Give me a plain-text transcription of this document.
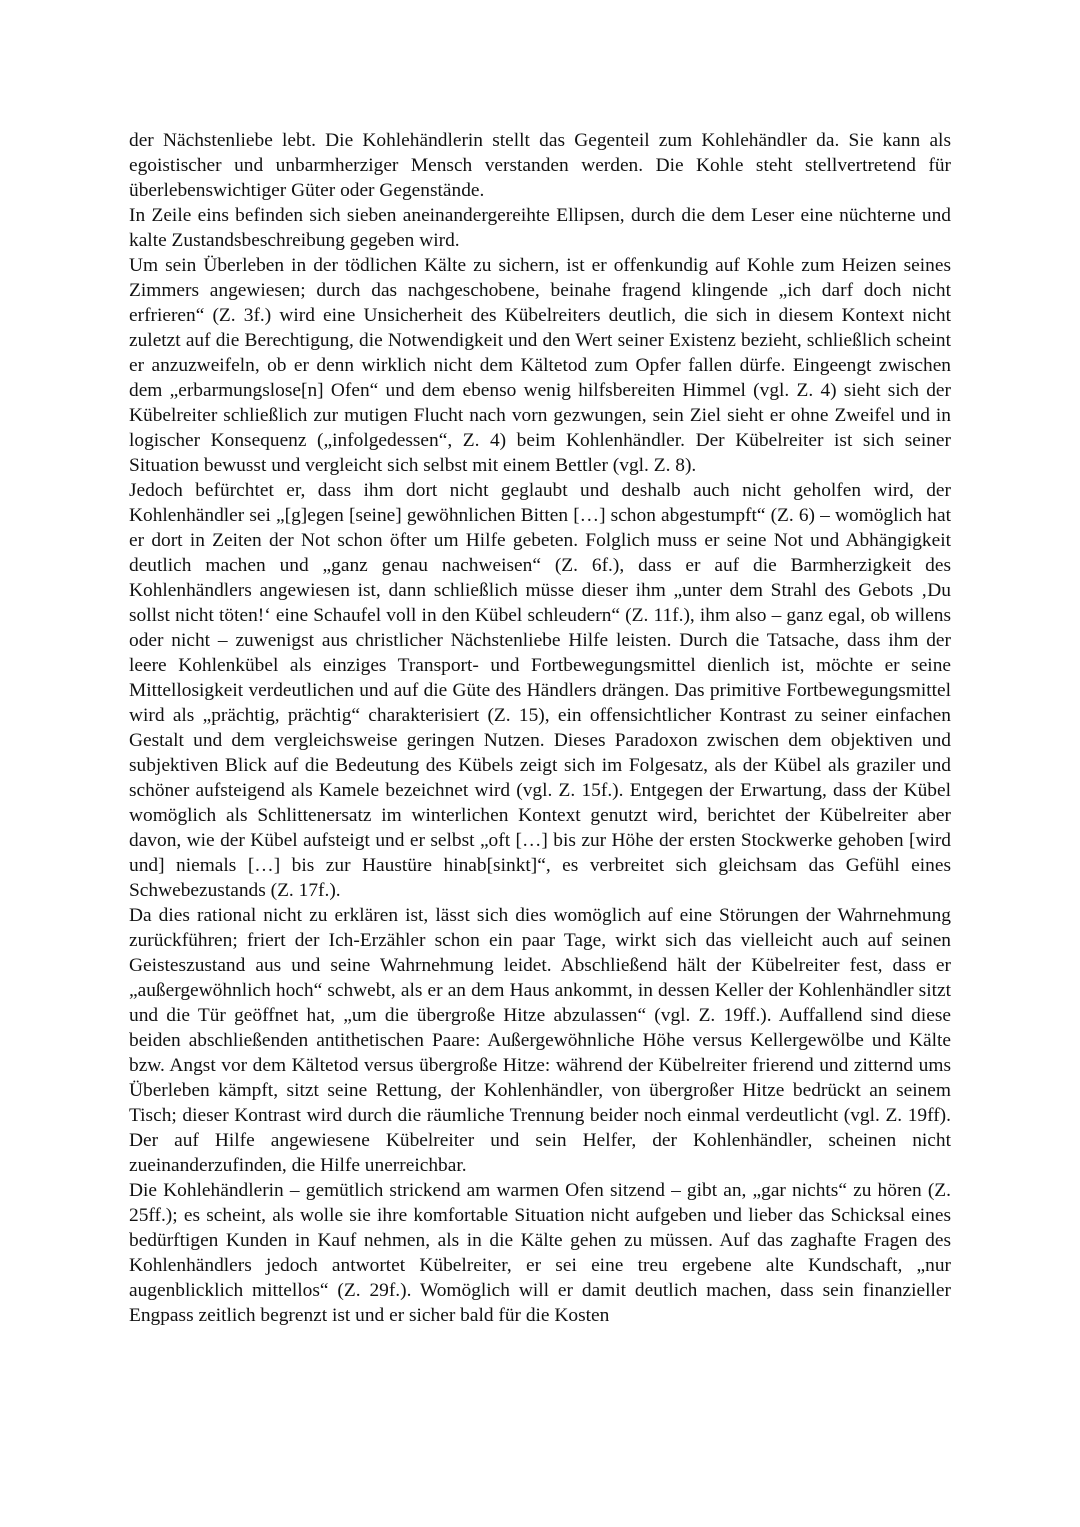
der Nächstenliebe lebt. Die Kohlehändlerin stellt das Gegenteil zum Kohlehändler da. Sie kann als egoistischer und unbarmherziger Mensch verstanden werden. Die Kohle steht stellvertretend für überlebenswichtiger Güter oder Gegenstände.

In Zeile eins befinden sich sieben aneinandergereihte Ellipsen, durch die dem Leser eine nüchterne und kalte Zustandsbeschreibung gegeben wird.

Um sein Überleben in der tödlichen Kälte zu sichern, ist er offenkundig auf Kohle zum Heizen seines Zimmers angewiesen; durch das nachgeschobene, beinahe fragend klingende „ich darf doch nicht erfrieren“ (Z. 3f.) wird eine Unsicherheit des Kübelreiters deutlich, die sich in diesem Kontext nicht zuletzt auf die Berechtigung, die Notwendigkeit und den Wert seiner Existenz bezieht, schließlich scheint er anzuzweifeln, ob er denn wirklich nicht dem Kältetod zum Opfer fallen dürfe. Eingeengt zwischen dem „erbarmungslose[n] Ofen“ und dem ebenso wenig hilfsbereiten Himmel (vgl. Z. 4) sieht sich der Kübelreiter schließlich zur mutigen Flucht nach vorn gezwungen, sein Ziel sieht er ohne Zweifel und in logischer Konsequenz („infolgedessen“, Z. 4) beim Kohlenhändler. Der Kübelreiter ist sich seiner Situation bewusst und vergleicht sich selbst mit einem Bettler (vgl. Z. 8).

Jedoch befürchtet er, dass ihm dort nicht geglaubt und deshalb auch nicht geholfen wird, der Kohlenhändler sei „[g]egen [seine] gewöhnlichen Bitten […] schon abgestumpft“ (Z. 6) – womöglich hat er dort in Zeiten der Not schon öfter um Hilfe gebeten. Folglich muss er seine Not und Abhängigkeit deutlich machen und „ganz genau nachweisen“ (Z. 6f.), dass er auf die Barmherzigkeit des Kohlenhändlers angewiesen ist, dann schließlich müsse dieser ihm „unter dem Strahl des Gebots ‚Du sollst nicht töten!‘ eine Schaufel voll in den Kübel schleudern“ (Z. 11f.), ihm also – ganz egal, ob willens oder nicht – zuwenigst aus christlicher Nächstenliebe Hilfe leisten. Durch die Tatsache, dass ihm der leere Kohlenkübel als einziges Transport- und Fortbewegungsmittel dienlich ist, möchte er seine Mittellosigkeit verdeutlichen und auf die Güte des Händlers drängen. Das primitive Fortbewegungsmittel wird als „prächtig, prächtig“ charakterisiert (Z. 15), ein offensichtlicher Kontrast zu seiner einfachen Gestalt und dem vergleichsweise geringen Nutzen. Dieses Paradoxon zwischen dem objektiven und subjektiven Blick auf die Bedeutung des Kübels zeigt sich im Folgesatz, als der Kübel als graziler und schöner aufsteigend als Kamele bezeichnet wird (vgl. Z. 15f.). Entgegen der Erwartung, dass der Kübel womöglich als Schlittenersatz im winterlichen Kontext genutzt wird, berichtet der Kübelreiter aber davon, wie der Kübel aufsteigt und er selbst „oft […] bis zur Höhe der ersten Stockwerke gehoben [wird und] niemals […] bis zur Haustüre hinab[sinkt]“, es verbreitet sich gleichsam das Gefühl eines Schwebezustands (Z. 17f.).

Da dies rational nicht zu erklären ist, lässt sich dies womöglich auf eine Störungen der Wahrnehmung zurückführen; friert der Ich-Erzähler schon ein paar Tage, wirkt sich das vielleicht auch auf seinen Geisteszustand aus und seine Wahrnehmung leidet. Abschließend hält der Kübelreiter fest, dass er „außergewöhnlich hoch“ schwebt, als er an dem Haus ankommt, in dessen Keller der Kohlenhändler sitzt und die Tür geöffnet hat, „um die übergroße Hitze abzulassen“ (vgl. Z. 19ff.). Auffallend sind diese beiden abschließenden antithetischen Paare: Außergewöhnliche Höhe versus Kellergewölbe und Kälte bzw. Angst vor dem Kältetod versus übergroße Hitze: während der Kübelreiter frierend und zitternd ums Überleben kämpft, sitzt seine Rettung, der Kohlenhändler, von übergroßer Hitze bedrückt an seinem Tisch; dieser Kontrast wird durch die räumliche Trennung beider noch einmal verdeutlicht (vgl. Z. 19ff). Der auf Hilfe angewiesene Kübelreiter und sein Helfer, der Kohlenhändler, scheinen nicht zueinanderzufinden, die Hilfe unerreichbar.

Die Kohlehändlerin – gemütlich strickend am warmen Ofen sitzend – gibt an, „gar nichts“ zu hören (Z. 25ff.); es scheint, als wolle sie ihre komfortable Situation nicht aufgeben und lieber das Schicksal eines bedürftigen Kunden in Kauf nehmen, als in die Kälte gehen zu müssen. Auf das zaghafte Fragen des Kohlenhändlers jedoch antwortet Kübelreiter, er sei eine treu ergebene alte Kundschaft, „nur augenblicklich mittellos“ (Z. 29f.). Womöglich will er damit deutlich machen, dass sein finanzieller Engpass zeitlich begrenzt ist und er sicher bald für die Kosten
